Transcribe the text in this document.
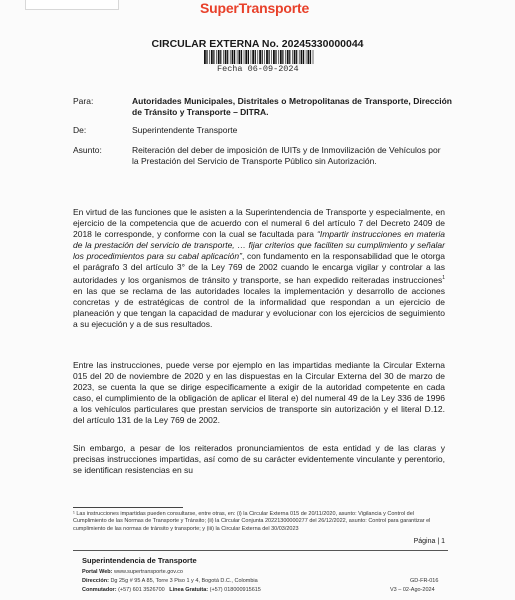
SuperTransporte
CIRCULAR EXTERNA No. 20245330000044
Fecha 06-09-2024
Para:	Autoridades Municipales, Distritales o Metropolitanas de Transporte, Dirección de Tránsito y Transporte – DITRA.
De:	Superintendente Transporte
Asunto:	Reiteración del deber de imposición de IUITs y de Inmovilización de Vehículos por la Prestación del Servicio de Transporte Público sin Autorización.

En virtud de las funciones que le asisten a la Superintendencia de Transporte y especialmente, en ejercicio de la competencia que de acuerdo con el numeral 6 del artículo 7 del Decreto 2409 de 2018 le corresponde, y conforme con la cual se facultada para “Impartir instrucciones en materia de la prestación del servicio de transporte, … fijar criterios que faciliten su cumplimiento y señalar los procedimientos para su cabal aplicación”, con fundamento en la responsabilidad que le otorga el parágrafo 3 del artículo 3° de la Ley 769 de 2002 cuando le encarga vigilar y controlar a las autoridades y los organismos de tránsito y transporte, se han expedido reiteradas instrucciones$^1$ en las que se reclama de las autoridades locales la implementación y desarrollo de acciones concretas y de estratégicas de control de la informalidad que respondan a un ejercicio de planeación y que tengan la capacidad de madurar y evolucionar con los ejercicios de seguimiento a su ejecución y a de sus resultados.

Entre las instrucciones, puede verse por ejemplo en las impartidas mediante la Circular Externa 015 del 20 de noviembre de 2020 y en las dispuestas en la Circular Externa del 30 de marzo de 2023, se cuenta la que se dirige especificamente a exigir de la autoridad competente en cada caso, el cumplimiento de la obligación de aplicar el literal e) del numeral 49 de la Ley 336 de 1996 a los vehículos particulares que prestan servicios de transporte sin autorización y el literal D.12. del artículo 131 de la Ley 769 de 2002.
Sin embargo, a pesar de los reiterados pronunciamientos de esta entidad y de las claras y precisas instrucciones impartidas, así como de su carácter evidentemente vinculante y perentorio, se identifican resistencias en su
¹ Las instrucciones impartidas pueden consultarse, entre otras, en: (i) la Circular Externa 015 de 20/11/2020, asunto: Vigilancia y Control del Cumplimiento de las Normas de Transporte y Tránsito; (ii) la Circular Conjunta 20221300000277 del 26/12/2022, asunto: Control para garantizar el cumplimiento de las normas de tránsito y transporte; y (iii) la Circular Externa del 30/03/2023
Página | 1
Superintendencia de Transporte
Portal Web: www.supertransporte.gov.co
Dirección: Dg 25g # 95 A 85, Torre 3 Piso 1 y 4, Bogotá D.C., Colombia
Conmutador: (+57) 601 3526700 Línea Gratuita: (+57) 018000915615
GD-FR-016
V3 – 02-Ago-2024
